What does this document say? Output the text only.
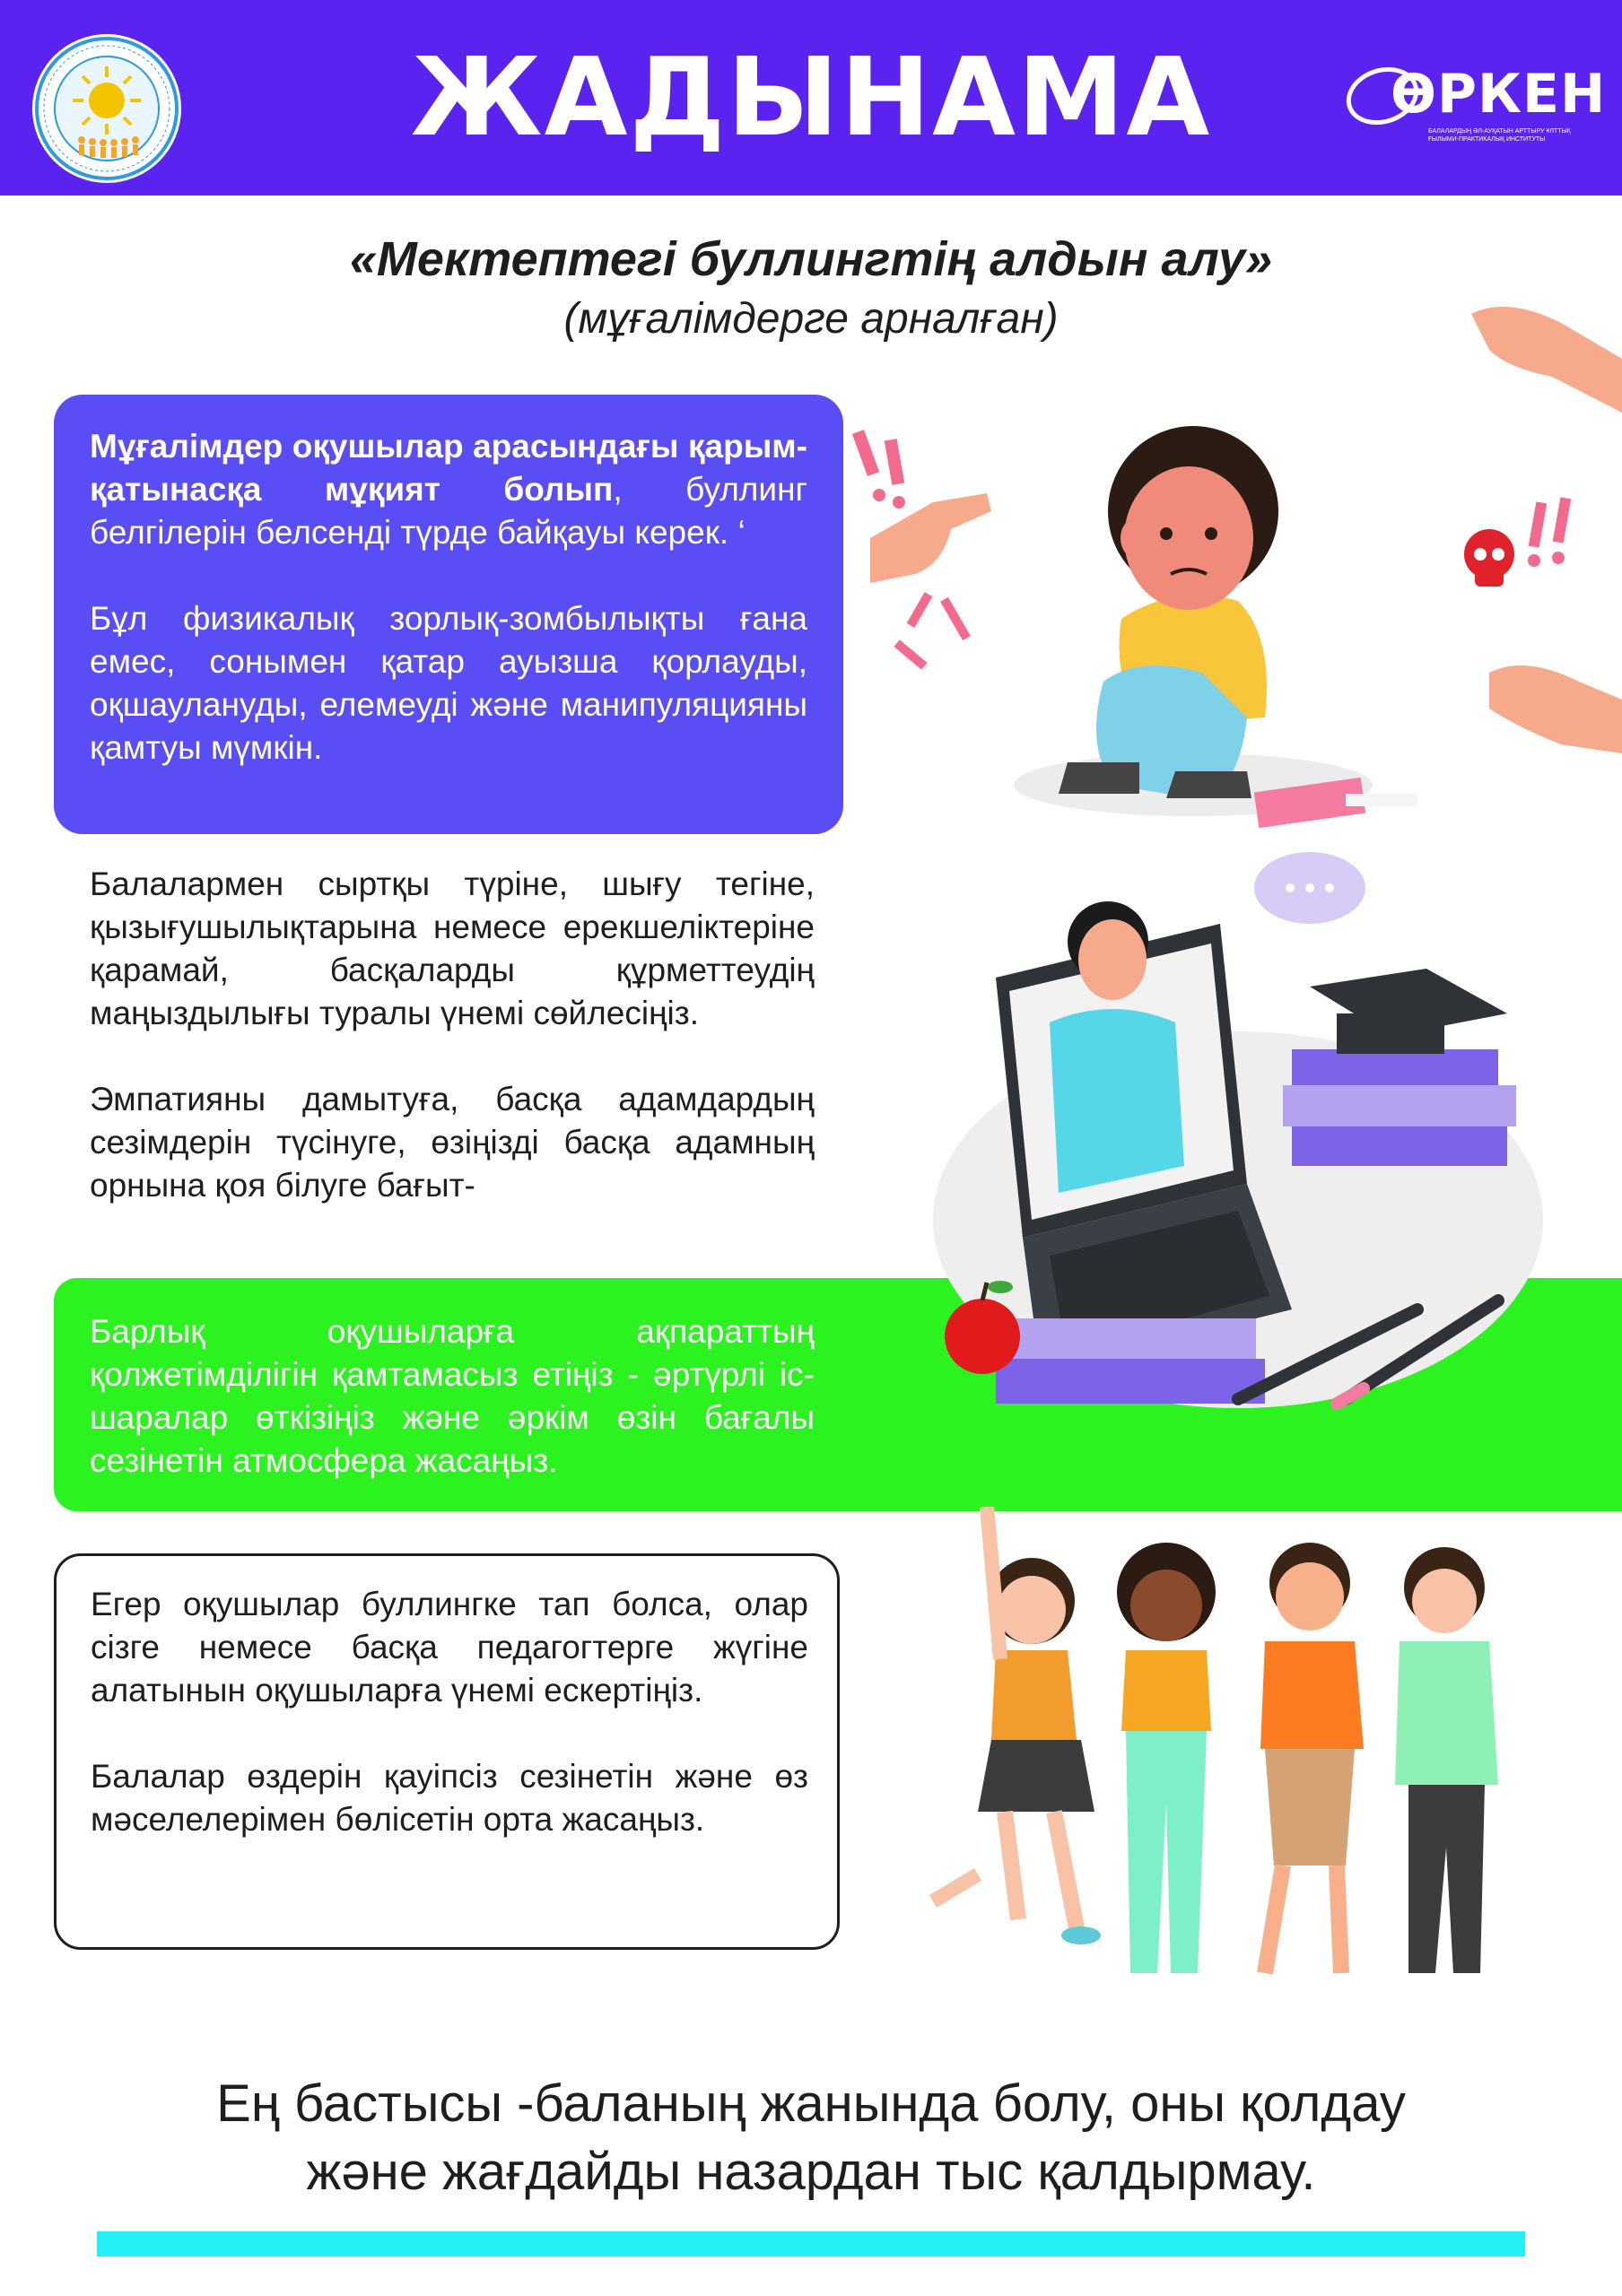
ЖАДЫНАМА	ӨРКЕН
БАЛАЛАРДЫҢ ӘЛ-АУҚАТЫН АРТТЫРУ ҰЛТТЫҚ ҒЫЛЫМИ-ПРАКТИКАЛЫҚ ИНСТИТУТЫ
«Мектептегі буллингтің алдын алу»
(мұғалімдерге арналған)

Мұғалімдер оқушылар арасындағы қарым-қатынасқа мұқият болып, буллинг белгілерін белсенді түрде байқауы керек. ‘

Бұл физикалық зорлық-зомбылықты ғана емес, сонымен қатар ауызша қорлауды, оқшаулануды, елемеуді және манипуляцияны қамтуы мүмкін.

Балалармен сыртқы түріне, шығу тегіне, қызығушылықтарына немесе ерекшеліктеріне қарамай, басқаларды құрметтеудің маңыздылығы туралы үнемі сөйлесіңіз.

Эмпатияны дамытуға, басқа адамдардың сезімдерін түсінуге, өзіңізді басқа адамның орнына қоя білуге бағыт-

Барлық оқушыларға ақпараттың қолжетімділігін қамтамасыз етіңіз - әртүрлі іс-шаралар өткізіңіз және әркім өзін бағалы сезінетін атмосфера жасаңыз.

Егер оқушылар буллингке тап болса, олар сізге немесе басқа педагогтерге жүгіне алатынын оқушыларға үнемі ескертіңіз.

Балалар өздерін қауіпсіз сезінетін және өз мәселелерімен бөлісетін орта жасаңыз.

Ең бастысы -баланың жанында болу, оны қолдау
және жағдайды назардан тыс қалдырмау.
